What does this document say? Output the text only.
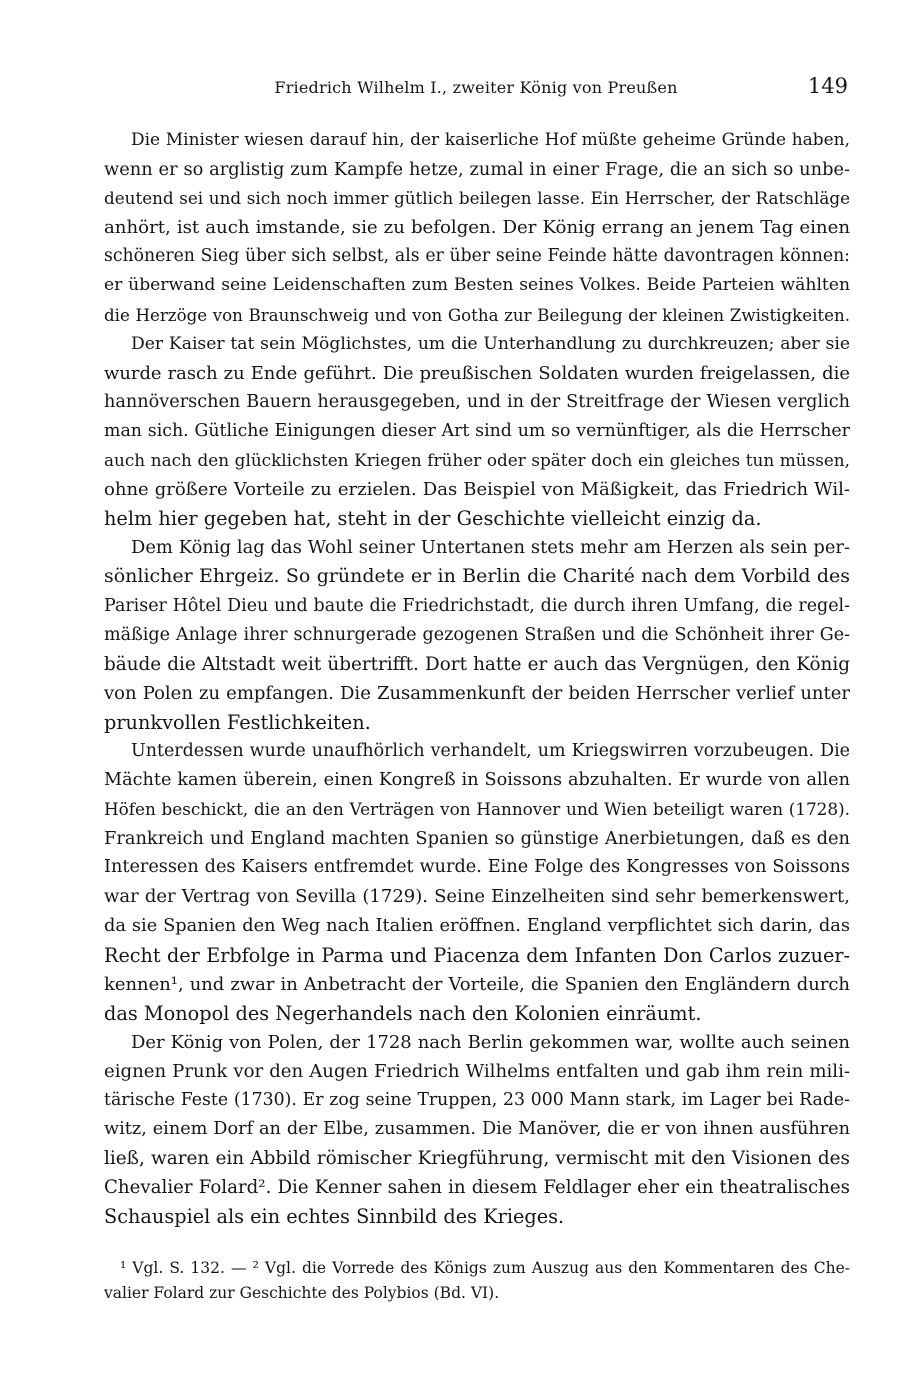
Friedrich Wilhelm I., zweiter König von Preußen	149

Die Minister wiesen darauf hin, der kaiserliche Hof müßte geheime Gründe haben,
wenn er so arglistig zum Kampfe hetze, zumal in einer Frage, die an sich so unbe-
deutend sei und sich noch immer gütlich beilegen lasse. Ein Herrscher, der Ratschläge
anhört, ist auch imstande, sie zu befolgen. Der König errang an jenem Tag einen
schöneren Sieg über sich selbst, als er über seine Feinde hätte davontragen können:
er überwand seine Leidenschaften zum Besten seines Volkes. Beide Parteien wählten
die Herzöge von Braunschweig und von Gotha zur Beilegung der kleinen Zwistigkeiten.

Der Kaiser tat sein Möglichstes, um die Unterhandlung zu durchkreuzen; aber sie
wurde rasch zu Ende geführt. Die preußischen Soldaten wurden freigelassen, die
hannöverschen Bauern herausgegeben, und in der Streitfrage der Wiesen verglich
man sich. Gütliche Einigungen dieser Art sind um so vernünftiger, als die Herrscher
auch nach den glücklichsten Kriegen früher oder später doch ein gleiches tun müssen,
ohne größere Vorteile zu erzielen. Das Beispiel von Mäßigkeit, das Friedrich Wil-
helm hier gegeben hat, steht in der Geschichte vielleicht einzig da.

Dem König lag das Wohl seiner Untertanen stets mehr am Herzen als sein per-
sönlicher Ehrgeiz. So gründete er in Berlin die Charité nach dem Vorbild des
Pariser Hôtel Dieu und baute die Friedrichstadt, die durch ihren Umfang, die regel-
mäßige Anlage ihrer schnurgerade gezogenen Straßen und die Schönheit ihrer Ge-
bäude die Altstadt weit übertrifft. Dort hatte er auch das Vergnügen, den König
von Polen zu empfangen. Die Zusammenkunft der beiden Herrscher verlief unter
prunkvollen Festlichkeiten.

Unterdessen wurde unaufhörlich verhandelt, um Kriegswirren vorzubeugen. Die
Mächte kamen überein, einen Kongreß in Soissons abzuhalten. Er wurde von allen
Höfen beschickt, die an den Verträgen von Hannover und Wien beteiligt waren (1728).
Frankreich und England machten Spanien so günstige Anerbietungen, daß es den
Interessen des Kaisers entfremdet wurde. Eine Folge des Kongresses von Soissons
war der Vertrag von Sevilla (1729). Seine Einzelheiten sind sehr bemerkenswert,
da sie Spanien den Weg nach Italien eröffnen. England verpflichtet sich darin, das
Recht der Erbfolge in Parma und Piacenza dem Infanten Don Carlos zuzuer-
kennen¹, und zwar in Anbetracht der Vorteile, die Spanien den Engländern durch
das Monopol des Negerhandels nach den Kolonien einräumt.

Der König von Polen, der 1728 nach Berlin gekommen war, wollte auch seinen
eignen Prunk vor den Augen Friedrich Wilhelms entfalten und gab ihm rein mili-
tärische Feste (1730). Er zog seine Truppen, 23 000 Mann stark, im Lager bei Rade-
witz, einem Dorf an der Elbe, zusammen. Die Manöver, die er von ihnen ausführen
ließ, waren ein Abbild römischer Kriegführung, vermischt mit den Visionen des
Chevalier Folard². Die Kenner sahen in diesem Feldlager eher ein theatralisches
Schauspiel als ein echtes Sinnbild des Krieges.

¹ Vgl. S. 132. — ² Vgl. die Vorrede des Königs zum Auszug aus den Kommentaren des Che-
valier Folard zur Geschichte des Polybios (Bd. VI).
